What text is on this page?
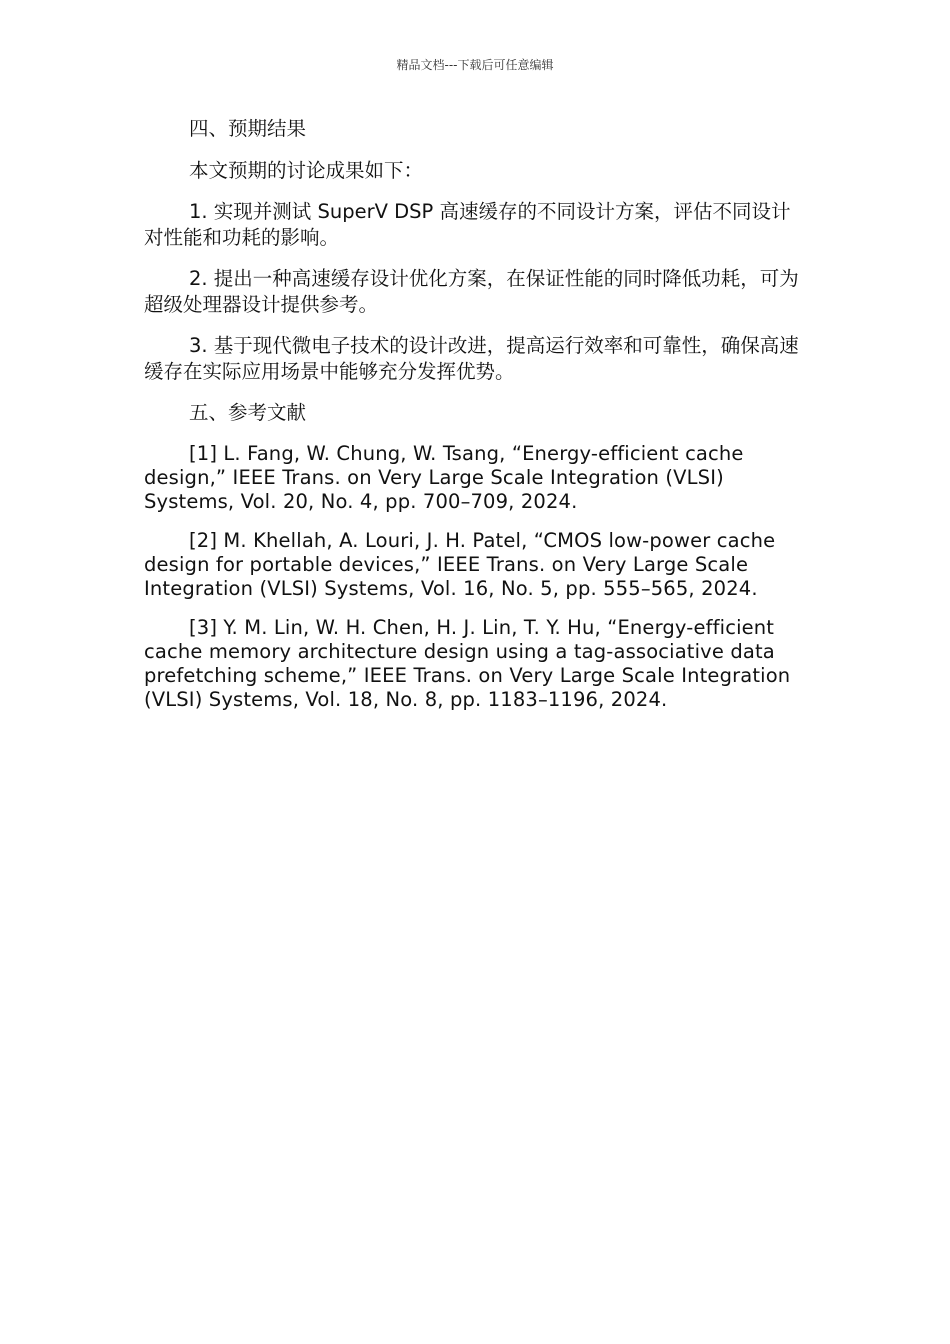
精品文档---下载后可任意编辑

四、预期结果

本文预期的讨论成果如下：

1. 实现并测试 SuperV DSP 高速缓存的不同设计方案，评估不同设计对性能和功耗的影响。

2. 提出一种高速缓存设计优化方案，在保证性能的同时降低功耗，可为超级处理器设计提供参考。

3. 基于现代微电子技术的设计改进，提高运行效率和可靠性，确保高速缓存在实际应用场景中能够充分发挥优势。

五、参考文献

[1] L. Fang, W. Chung, W. Tsang, “Energy-efficient cache design,” IEEE Trans. on Very Large Scale Integration (VLSI) Systems, Vol. 20, No. 4, pp. 700–709, 2024.

[2] M. Khellah, A. Louri, J. H. Patel, “CMOS low-power cache design for portable devices,” IEEE Trans. on Very Large Scale Integration (VLSI) Systems, Vol. 16, No. 5, pp. 555–565, 2024.

[3] Y. M. Lin, W. H. Chen, H. J. Lin, T. Y. Hu, “Energy-efficient cache memory architecture design using a tag-associative data prefetching scheme,” IEEE Trans. on Very Large Scale Integration (VLSI) Systems, Vol. 18, No. 8, pp. 1183–1196, 2024.
